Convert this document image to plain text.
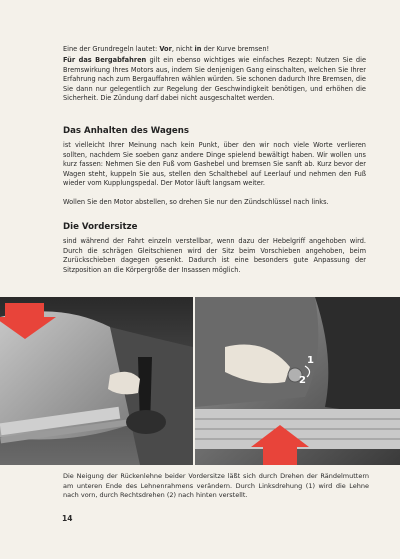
Eine der Grundregeln lautet: Vor, nicht in der Kurve bremsen!

Für das Bergabfahren gilt ein ebenso wichtiges wie einfaches Rezept: Nutzen Sie die Bremswirkung Ihres Motors aus, indem Sie denjenigen Gang einschalten, welchen Sie Ihrer Erfahrung nach zum Bergauffahren wählen würden. Sie schonen dadurch Ihre Bremsen, die Sie dann nur gelegentlich zur Regelung der Geschwindigkeit benötigen, und erhöhen die Sicherheit. Die Zündung darf dabei nicht ausgeschaltet werden.

Das Anhalten des Wagens

ist vielleicht Ihrer Meinung nach kein Punkt, über den wir noch viele Worte verlieren sollten, nachdem Sie soeben ganz andere Dinge spielend bewältigt haben. Wir wollen uns kurz fassen: Nehmen Sie den Fuß vom Gashebel und bremsen Sie sanft ab. Kurz bevor der Wagen steht, kuppeln Sie aus, stellen den Schalthebel auf Leerlauf und nehmen den Fuß wieder vom Kupplungspedal. Der Motor läuft langsam weiter.

Wollen Sie den Motor abstellen, so drehen Sie nur den Zündschlüssel nach links.

Die Vordersitze

sind während der Fahrt einzeln verstellbar, wenn dazu der Hebelgriff angehoben wird. Durch die schrägen Gleitschienen wird der Sitz beim Vorschieben angehoben, beim Zurückschieben dagegen gesenkt. Dadurch ist eine besonders gute Anpassung der Sitzposition an die Körpergröße der Insassen möglich.

1
2

Die Neigung der Rückenlehne beider Vordersitze läßt sich durch Drehen der Rändelmuttern am unteren Ende des Lehnenrahmens verändern. Durch Linksdrehung (1) wird die Lehne nach vorn, durch Rechtsdrehen (2) nach hinten verstellt.

14
